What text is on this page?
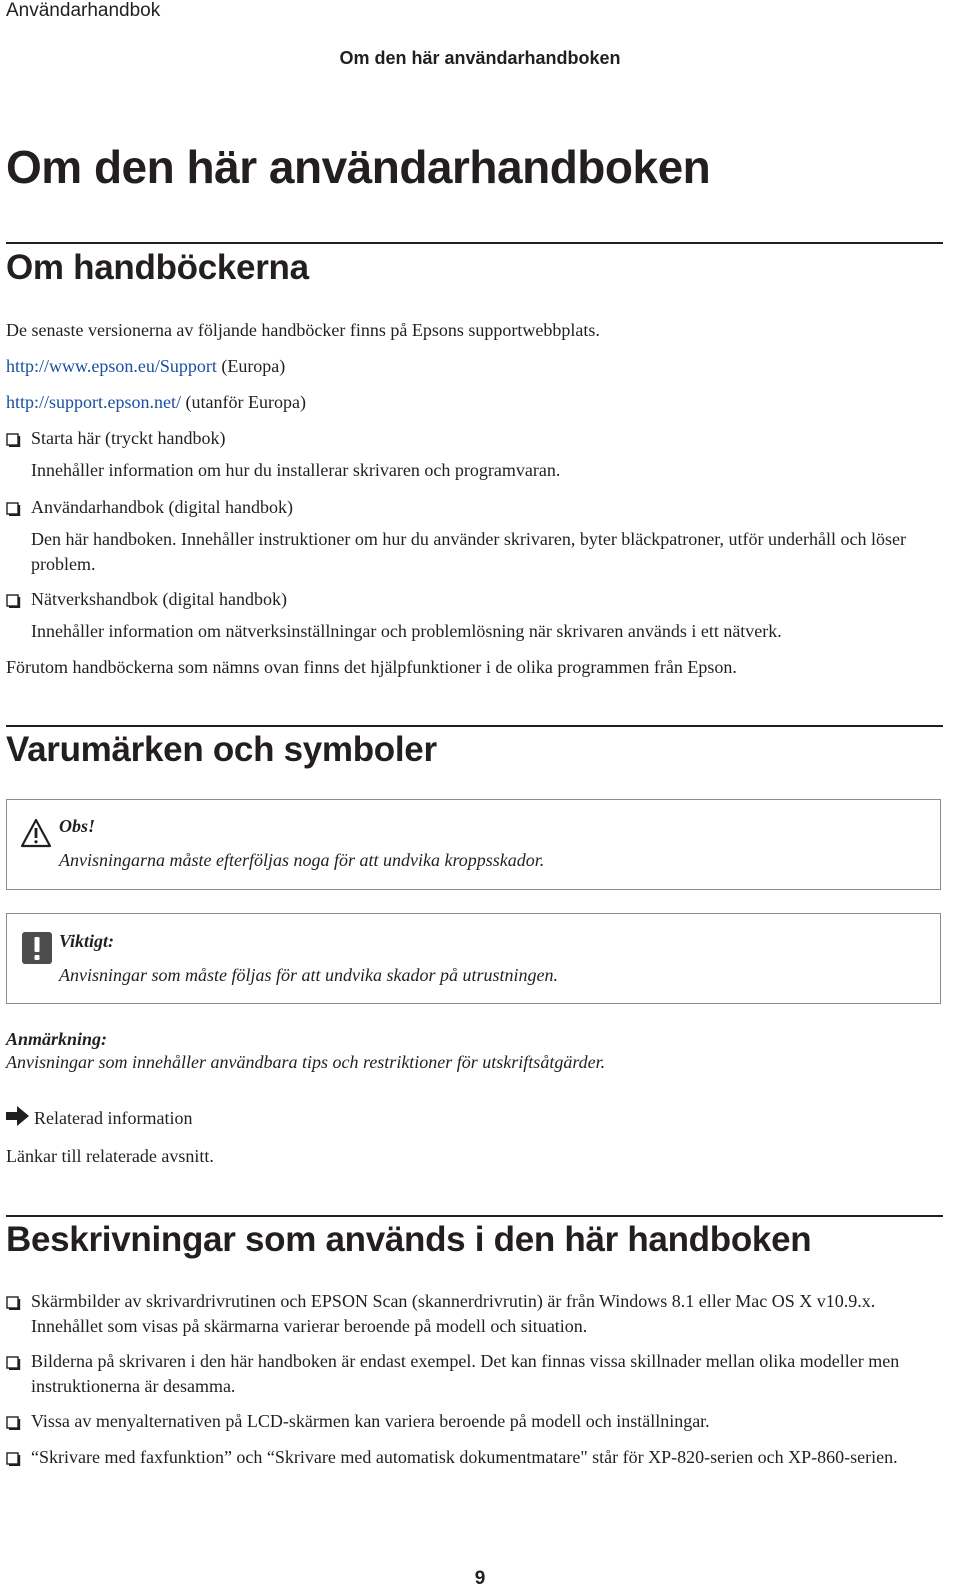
Användarhandbok
Om den här användarhandboken
Om den här användarhandboken
Om handböckerna
De senaste versionerna av följande handböcker finns på Epsons supportwebbplats.
http://www.epson.eu/Support (Europa)
http://support.epson.net/ (utanför Europa)
Starta här (tryckt handbok)
Innehåller information om hur du installerar skrivaren och programvaran.
Användarhandbok (digital handbok)
Den här handboken. Innehåller instruktioner om hur du använder skrivaren, byter bläckpatroner, utför underhåll och löser problem.
Nätverkshandbok (digital handbok)
Innehåller information om nätverksinställningar och problemlösning när skrivaren används i ett nätverk.
Förutom handböckerna som nämns ovan finns det hjälpfunktioner i de olika programmen från Epson.
Varumärken och symboler
Obs!
Anvisningarna måste efterföljas noga för att undvika kroppsskador.
Viktigt:
Anvisningar som måste följas för att undvika skador på utrustningen.
Anmärkning:
Anvisningar som innehåller användbara tips och restriktioner för utskriftsåtgärder.
Relaterad information
Länkar till relaterade avsnitt.
Beskrivningar som används i den här handboken
Skärmbilder av skrivardrivrutinen och EPSON Scan (skannerdrivrutin) är från Windows 8.1 eller Mac OS X v10.9.x. Innehållet som visas på skärmarna varierar beroende på modell och situation.
Bilderna på skrivaren i den här handboken är endast exempel. Det kan finnas vissa skillnader mellan olika modeller men instruktionerna är desamma.
Vissa av menyalternativen på LCD-skärmen kan variera beroende på modell och inställningar.
“Skrivare med faxfunktion” och “Skrivare med automatisk dokumentmatare" står för XP-820-serien och XP-860-serien.
9
